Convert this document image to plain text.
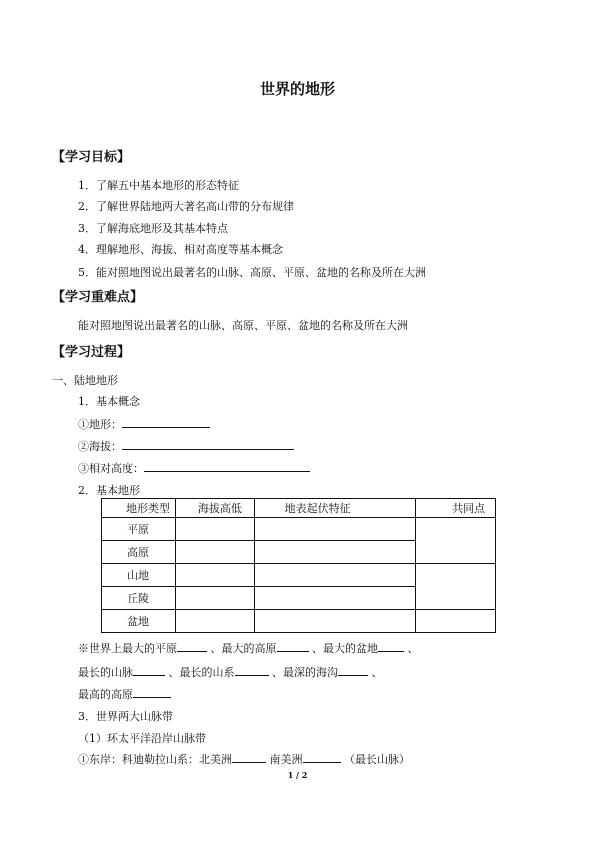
世界的地形
【学习目标】
1．了解五中基本地形的形态特征
2．了解世界陆地两大著名高山带的分布规律
3．了解海底地形及其基本特点
4．理解地形、海拔、相对高度等基本概念
5．能对照地图说出最著名的山脉、高原、平原、盆地的名称及所在大洲
【学习重难点】
能对照地图说出最著名的山脉、高原、平原、盆地的名称及所在大洲
【学习过程】
一、陆地地形
1．基本概念
①地形：
②海拔：
③相对高度：
2．基本地形
地形类型	海拔高低	地表起伏特征	共同点
平原			
高原			
山地			
丘陵			
盆地			
※世界上最大的平原	、最大的高原	、最大的盆地	、
最长的山脉	、最长的山系	、最深的海沟	、
最高的高原
3．世界两大山脉带
（1）环太平洋沿岸山脉带
①东岸：科迪勒拉山系：北美洲	南美洲	（最长山脉）
1 / 2
